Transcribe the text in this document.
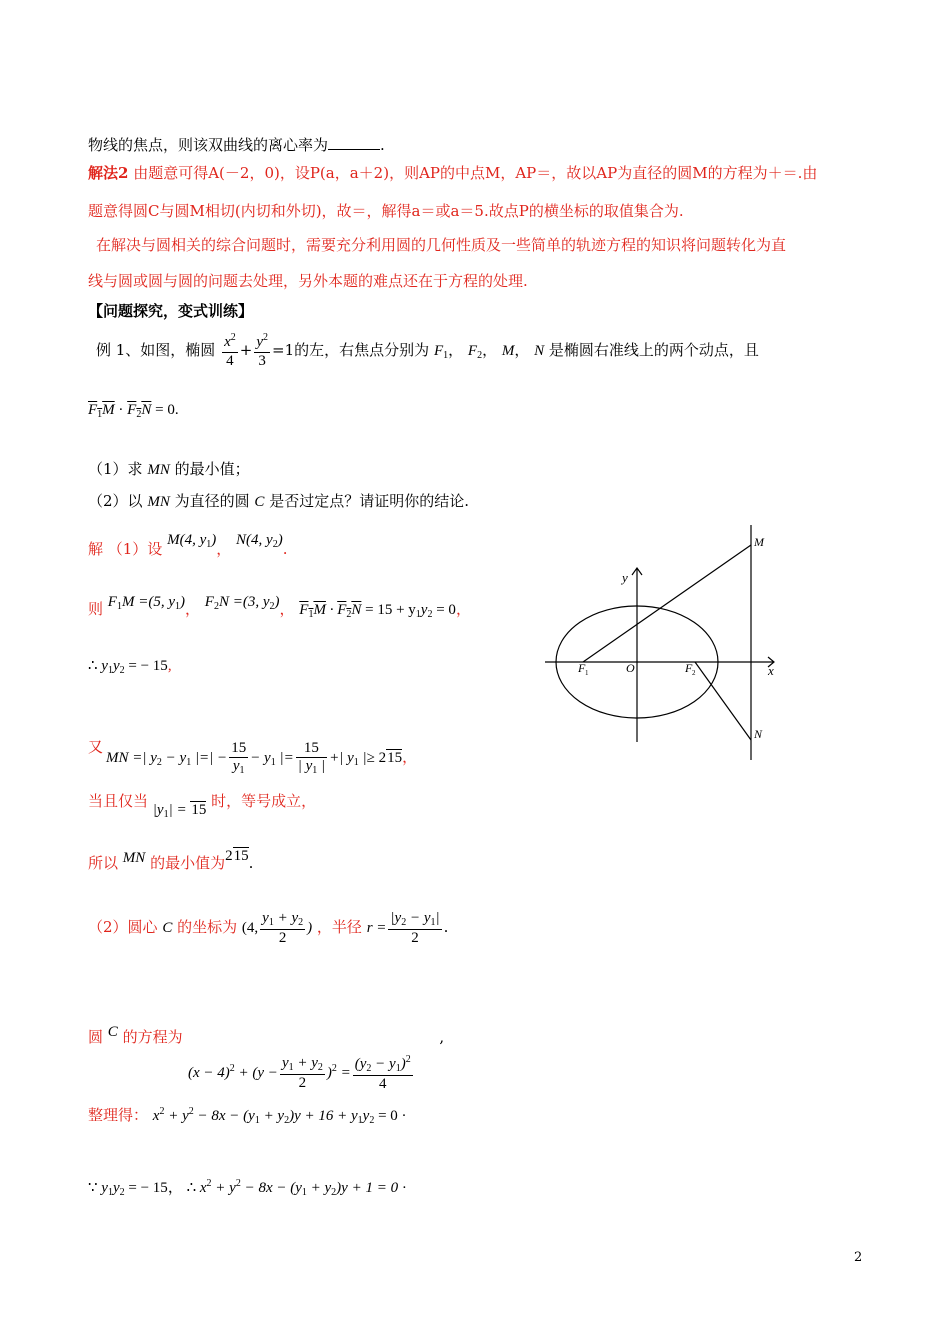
物线的焦点，则该双曲线的离心率为	.
解法2 由题意可得A(－2，0)，设P(a，a＋2)，则AP的中点M，AP＝，故以AP为直径的圆M的方程为＋＝.由
题意得圆C与圆M相切(内切和外切)，故＝，解得a＝或a＝5.故点P的横坐标的取值集合为.
在解决与圆相关的综合问题时，需要充分利用圆的几何性质及一些简单的轨迹方程的知识将问题转化为直
线与圆或圆与圆的问题去处理，另外本题的难点还在于方程的处理.
【问题探究，变式训练】
例 1、如图，椭圆 $\frac{x^2}{4} + \frac{y^2}{3} =1$的左，右焦点分别为 $F_1$， $F_2$， M， N 是椭圆右准线上的两个动点，且
$F_1M \cdot F_2N = 0$.
（1）求 MN 的最小值；
（2）以 MN 为直径的圆 C 是否过定点？请证明你的结论.
解 （1）设 M(4, $y_1$)， N(4, $y_2$).
则 $F_1M =(5$, $y_1$)， $F_2N =(3$, $y_2$)， $F_1M \cdot F_2N = 15 + y_1y_2 = 0$，
∴ $y_1y_2$ = − 15,
又
MN =| $y_2 - y_1$ |=| − $\frac{15}{y_1} - y_1$ |= $\frac{15}{| y_1 |}$ +| $y_1$ |≥ 215，
当且仅当 $|y_1| = 15$ 时，等号成立，
所以 MN 的最小值为215.
（2）圆心 C 的坐标为 (4, $\frac{y_1 + y_2}{2}$ ) ，半径 $r = \frac{|y_2 - y_1|}{2}$ .
圆 C 的方程为	,
$(x - 4)^2 + (y - \frac{y_1 + y_2}{2} )^2 = \frac{(y_2 - y_1)^2}{4}$
整理得： $x^2 + y^2 - 8x - (y_1 + y_2)y + 16 + y_1y_2 = 0$ ·
∵ $y_1y_2$ = − 15， ∴ $x^2 + y^2 - 8x - (y_1 + y_2)y + 1 = 0$ ·
M
N
y
x
O
F 1	F 2
2
